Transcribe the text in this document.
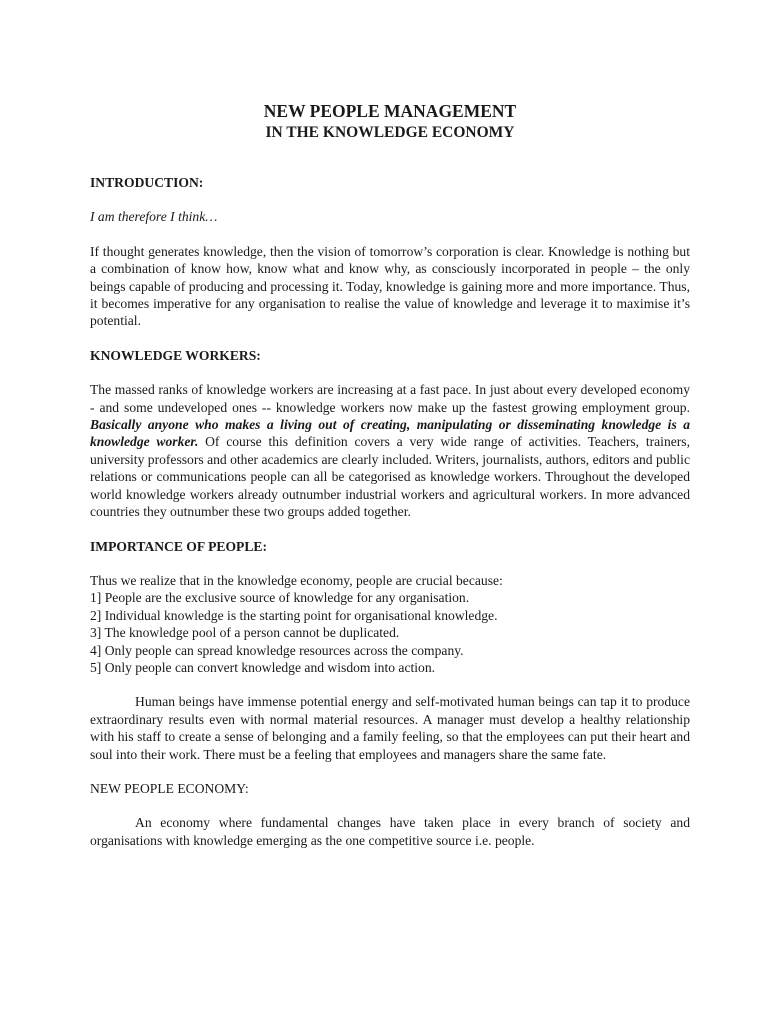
NEW PEOPLE MANAGEMENT
IN THE KNOWLEDGE ECONOMY
INTRODUCTION:

I am therefore I think…

If thought generates knowledge, then the vision of tomorrow’s corporation is clear. Knowledge is nothing but a combination of know how, know what and know why, as consciously incorporated in people – the only beings capable of producing and processing it. Today, knowledge is gaining more and more importance. Thus, it becomes imperative for any organisation to realise the value of knowledge and leverage it to maximise it’s potential.

KNOWLEDGE WORKERS:

The massed ranks of knowledge workers are increasing at a fast pace. In just about every developed economy - and some undeveloped ones -- knowledge workers now make up the fastest growing employment group. Basically anyone who makes a living out of creating, manipulating or disseminating knowledge is a knowledge worker. Of course this definition covers a very wide range of activities. Teachers, trainers, university professors and other academics are clearly included. Writers, journalists, authors, editors and public relations or communications people can all be categorised as knowledge workers. Throughout the developed world knowledge workers already outnumber industrial workers and agricultural workers. In more advanced countries they outnumber these two groups added together.

IMPORTANCE OF PEOPLE:
Thus we realize that in the knowledge economy, people are crucial because:
1] People are the exclusive source of knowledge for any organisation.
2] Individual knowledge is the starting point for organisational knowledge.
3] The knowledge pool of a person cannot be duplicated.
4] Only people can spread knowledge resources across the company.
5] Only people can convert knowledge and wisdom into action.

Human beings have immense potential energy and self-motivated human beings can tap it to produce extraordinary results even with normal material resources. A manager must develop a healthy relationship with his staff to create a sense of belonging and a family feeling, so that the employees can put their heart and soul into their work. There must be a feeling that employees and managers share the same fate.

NEW PEOPLE ECONOMY:

An economy where fundamental changes have taken place in every branch of society and organisations with knowledge emerging as the one competitive source i.e. people.
